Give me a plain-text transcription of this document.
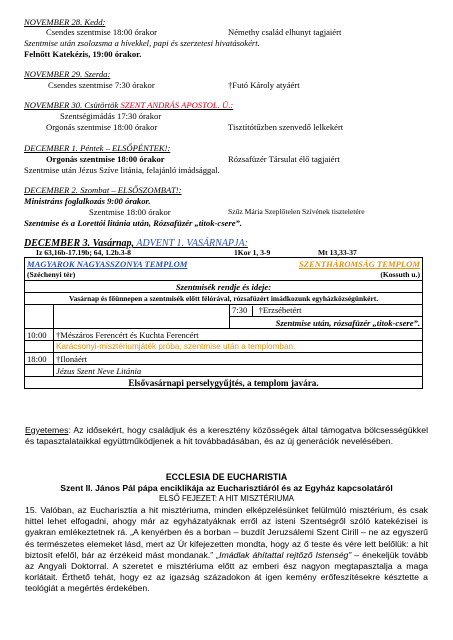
NOVEMBER 28. Kedd:
Csendes szentmise 18:00 órakor	Némethy család elhunyt tagjaiért
Szentmise után zsolozsma a hívekkel, papi és szerzetesi hivatásokért.
Felnőtt Katekézis, 19:00 órakor.
NOVEMBER 29. Szerda:
Csendes szentmise 7:30 órakor	†Futó Károly atyáért
NOVEMBER 30. Csütörtök SZENT ANDRÁS APOSTOL. Ü.:
Szentségimádás 17:30 órakor
Orgonás szentmise 18:00 órakor	Tisztítótűzben szenvedő lelkekért
DECEMBER 1. Péntek – ELSŐPÉNTEK!:
Orgonás szentmise 18:00 órakor	Rózsafüzér Társulat élő tagjaiért
Szentmise után Jézus Szíve litánia, felajánló imádsággal.
DECEMBER 2. Szombat – ELSŐSZOMBAT!:
Ministráns foglalkozás 9:00 órakor.
Szentmise 18:00 órakor	Szűz Mária Szeplőtelen Szívének tiszteletére
Szentmise és a Lorettói litánia után, Rózsafüzér „titok-csere”.
DECEMBER 3. Vasárnap, ADVENT 1. VASÁRNAPJA:
Iz 63,16b-17.19b; 64, 1.2b.3-8	1Kor 1, 3-9	Mt 13,33-37
MAGYAROK NAGYASSZONYA TEMPLOM		SZENTHÁROMSÁG TEMPLOM
(Széchenyi tér)		(Kossuth u.)
Szentmisék rendje és ideje:		
Vasárnap és főünnepen a szentmisék előtt félórával, rózsafüzért imádkozunk egyházközségünkért.		
		7:30 †Erzsébetért
		Szentmise után, rózsafüzér „titok-csere”.
10:00	†Mészáros Ferencért és Kuchta Ferencért	
	Karácsonyi-misztériumjáték próba, szentmise után a templomban.	
18:00	†Ilonáért	
	Jézus Szent Neve Litánia	
Elsővasárnapi perselygyűjtés, a templom javára.		
Egyetemes: Az idősekért, hogy családjuk és a keresztény közösségek által támogatva bölcsességükkel és tapasztalataikkal együttműködjenek a hit továbbadásában, és az új generációk nevelésében.
ECCLESIA DE EUCHARISTIA
Szent II. János Pál pápa enciklikája az Eucharisztiáról és az Egyház kapcsolatáról
ELSŐ FEJEZET: A HIT MISZTÉRIUMA
15. Valóban, az Eucharisztia a hit misztériuma, minden elképzelésünket felülmúló misztérium, és csak hittel lehet elfogadni, ahogy már az egyházatyáknak erről az isteni Szentségről szóló katekézisei is gyakran emlékeztetnek rá. „A kenyérben és a borban – buzdít Jeruzsálemi Szent Cirill – ne az egyszerű és természetes elemeket lásd, mert az Úr kifejezetten mondta, hogy az ő teste és vére lett belőlük: a hit biztosít efelől, bár az érzékeid mást mondanak.” „Imádlak áhítattal rejtőző Istenség” – énekeljük tovább az Angyali Doktorral. A szeretet e misztériuma előtt az emberi ész nagyon megtapasztalja a maga korlátait. Érthető tehát, hogy ez az igazság századokon át igen kemény erőfeszítésekre késztette a teológiát a megértés érdekében.
